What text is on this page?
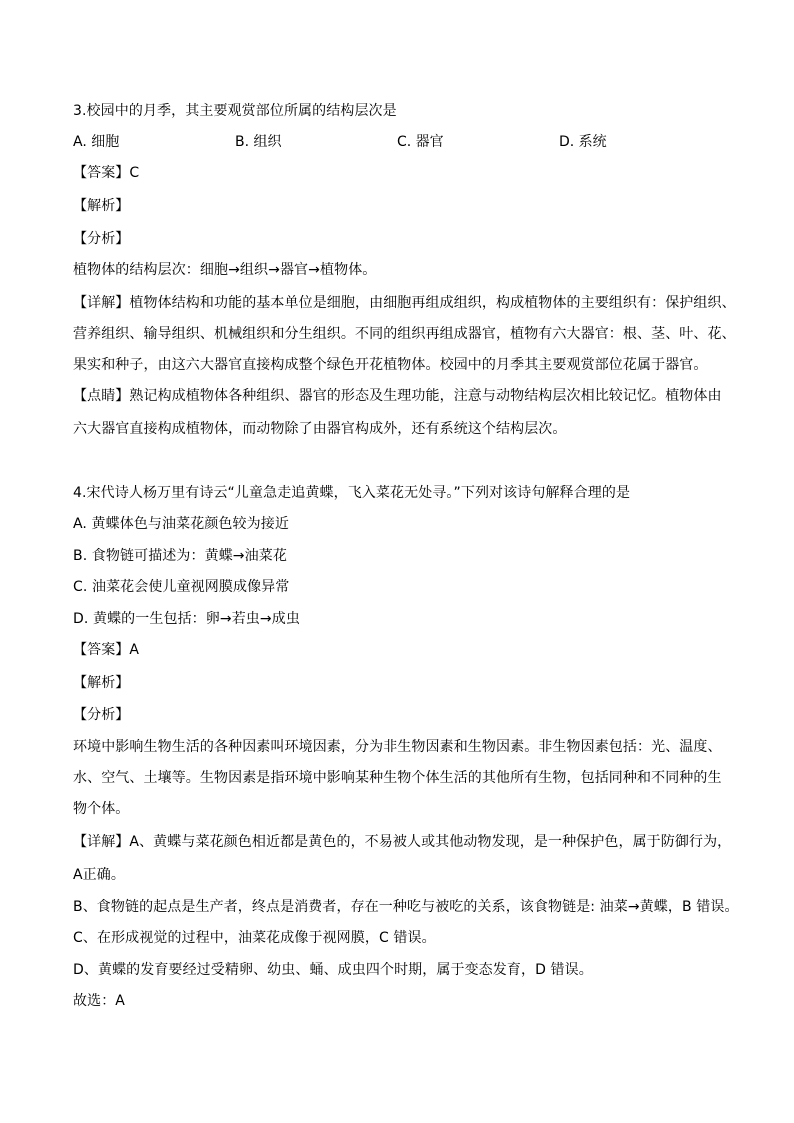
3.校园中的月季，其主要观赏部位所属的结构层次是
A. 细胞	B. 组织	C. 器官	D. 系统
【答案】C
【解析】
【分析】
植物体的结构层次：细胞→组织→器官→植物体。
【详解】植物体结构和功能的基本单位是细胞，由细胞再组成组织，构成植物体的主要组织有：保护组织、
营养组织、输导组织、机械组织和分生组织。不同的组织再组成器官，植物有六大器官：根、茎、叶、花、
果实和种子，由这六大器官直接构成整个绿色开花植物体。校园中的月季其主要观赏部位花属于器官。
【点睛】熟记构成植物体各种组织、器官的形态及生理功能，注意与动物结构层次相比较记忆。植物体由
六大器官直接构成植物体，而动物除了由器官构成外，还有系统这个结构层次。
4.宋代诗人杨万里有诗云“儿童急走追黄蝶，飞入菜花无处寻。”下列对该诗句解释合理的是
A. 黄蝶体色与油菜花颜色较为接近
B. 食物链可描述为：黄蝶→油菜花
C. 油菜花会使儿童视网膜成像异常
D. 黄蝶的一生包括：卵→若虫→成虫
【答案】A
【解析】
【分析】
环境中影响生物生活的各种因素叫环境因素，分为非生物因素和生物因素。非生物因素包括：光、温度、
水、空气、土壤等。生物因素是指环境中影响某种生物个体生活的其他所有生物，包括同种和不同种的生
物个体。
【详解】A、黄蝶与菜花颜色相近都是黄色的，不易被人或其他动物发现，是一种保护色，属于防御行为，
A正确。
B、食物链的起点是生产者，终点是消费者，存在一种吃与被吃的关系，该食物链是: 油菜→黄蝶，B 错误。
C、在形成视觉的过程中，油菜花成像于视网膜，C 错误。
D、黄蝶的发育要经过受精卵、幼虫、蛹、成虫四个时期，属于变态发育，D 错误。
故选：A
